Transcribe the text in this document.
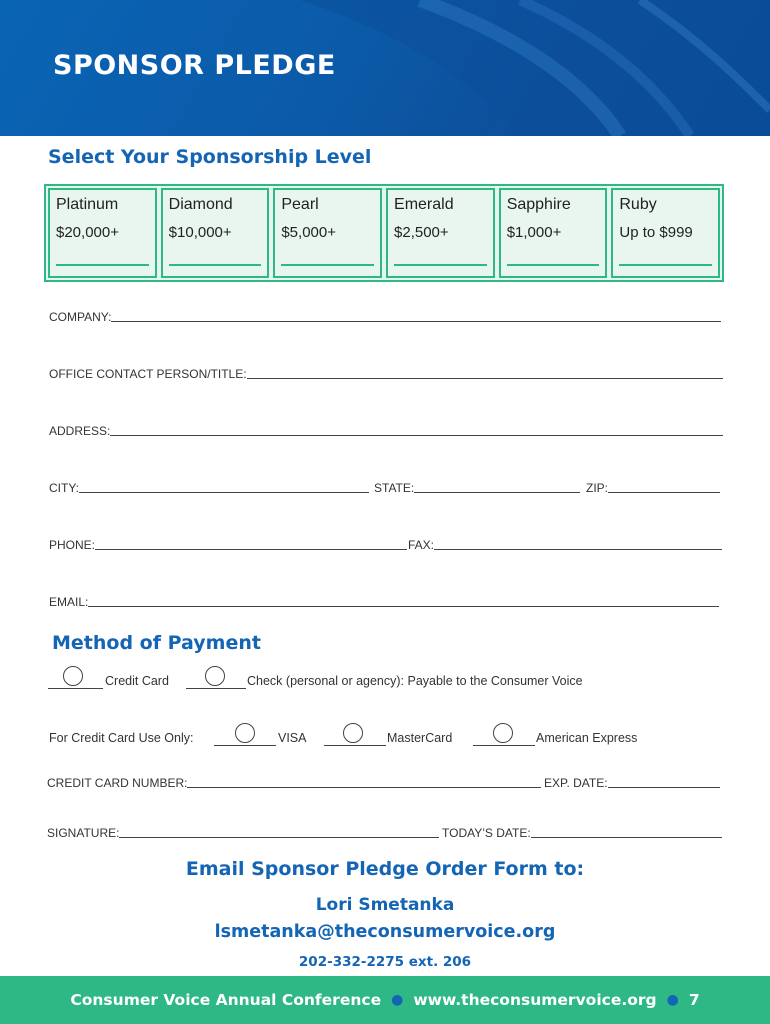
SPONSOR PLEDGE
Select Your Sponsorship Level
Platinum
$20,000+
Diamond
$10,000+
Pearl
$5,000+
Emerald
$2,500+
Sapphire
$1,000+
Ruby
Up to $999
COMPANY:
OFFICE CONTACT PERSON/TITLE:
ADDRESS:
CITY:	STATE:	ZIP:
PHONE:	FAX:
EMAIL:
Method of Payment
Credit Card	Check (personal or agency): Payable to the Consumer Voice
For Credit Card Use Only:	VISA	MasterCard	American Express
CREDIT CARD NUMBER:	EXP. DATE:
SIGNATURE:	TODAY’S DATE:
Email Sponsor Pledge Order Form to:
Lori Smetanka
lsmetanka@theconsumervoice.org
202-332-2275 ext. 206
Consumer Voice Annual Conference ● www.theconsumervoice.org ● 7
